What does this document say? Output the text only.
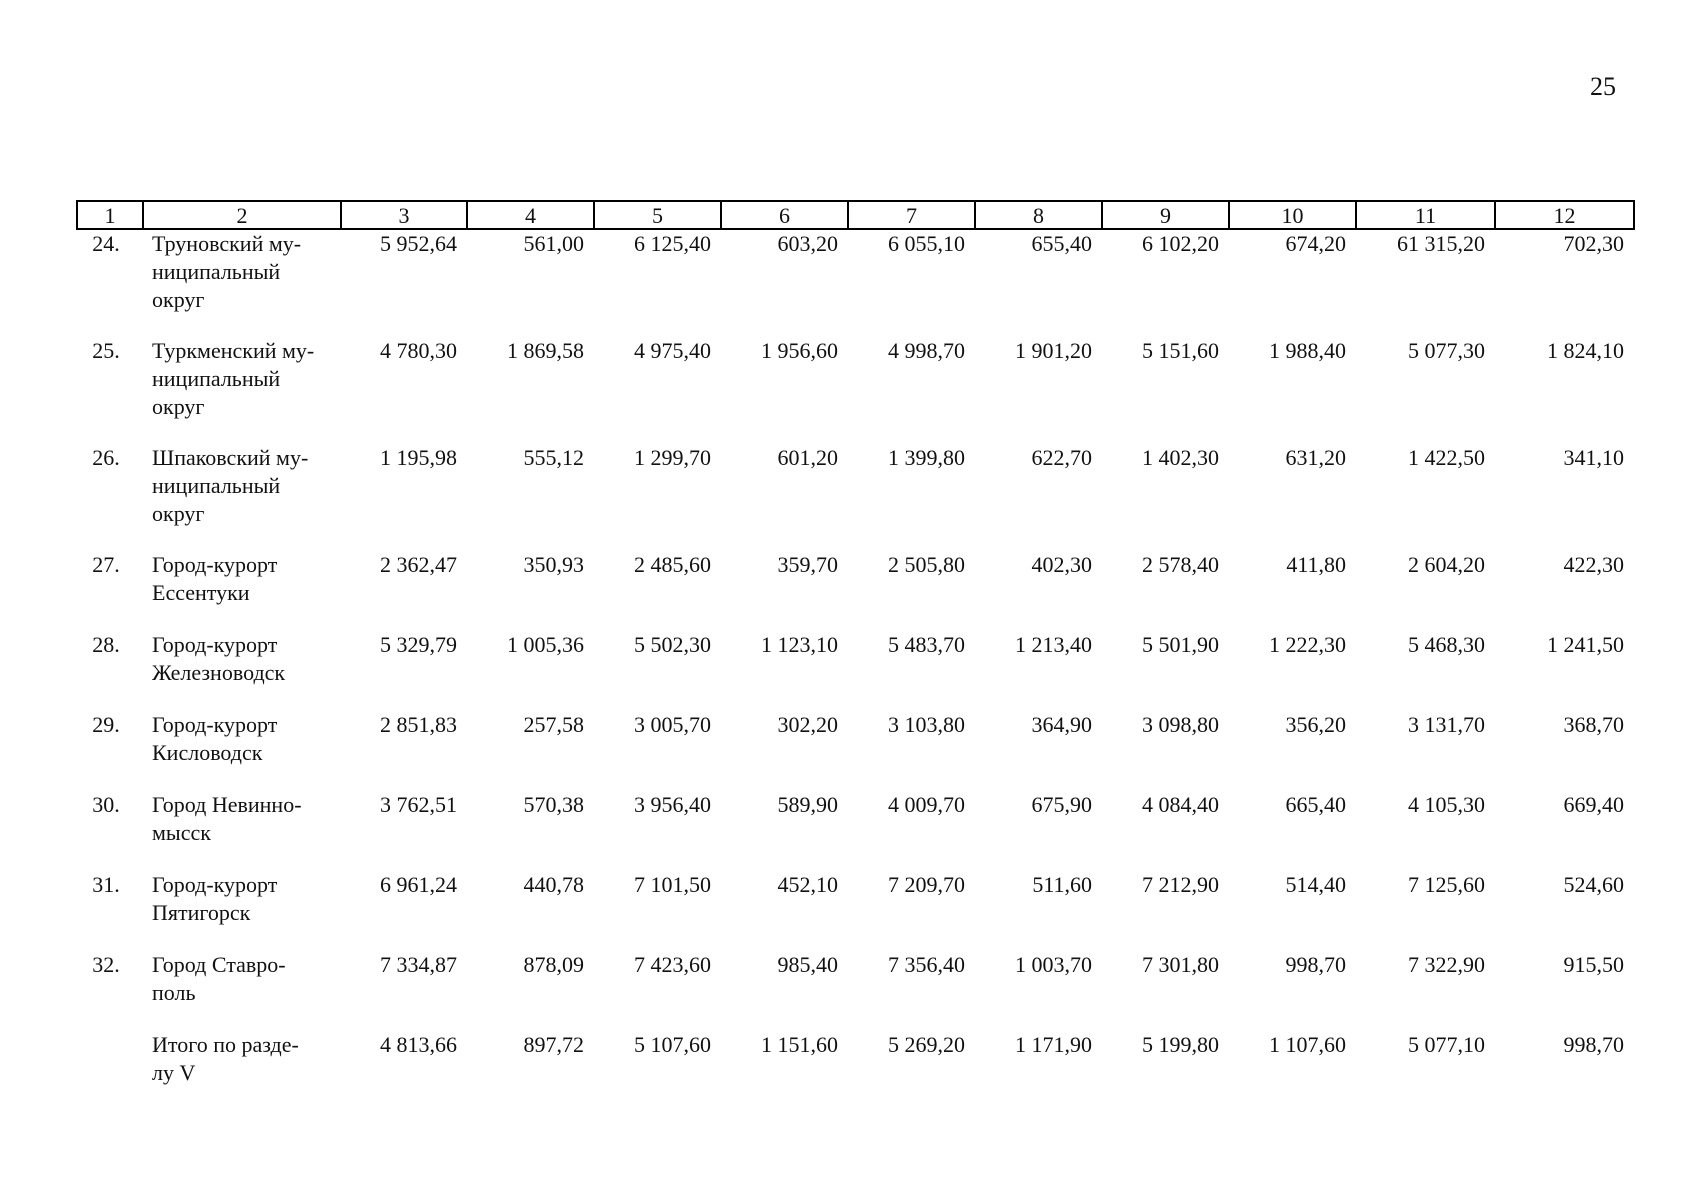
25
1	2	3	4	5	6	7	8	9	10	11	12
24.	Труновский му-
ниципальный
округ	5 952,64	561,00	6 125,40	603,20	6 055,10	655,40	6 102,20	674,20	61 315,20	702,30
25.	Туркменский му-
ниципальный
округ	4 780,30	1 869,58	4 975,40	1 956,60	4 998,70	1 901,20	5 151,60	1 988,40	5 077,30	1 824,10
26.	Шпаковский му-
ниципальный
округ	1 195,98	555,12	1 299,70	601,20	1 399,80	622,70	1 402,30	631,20	1 422,50	341,10
27.	Город-курорт
Ессентуки	2 362,47	350,93	2 485,60	359,70	2 505,80	402,30	2 578,40	411,80	2 604,20	422,30
28.	Город-курорт
Железноводск	5 329,79	1 005,36	5 502,30	1 123,10	5 483,70	1 213,40	5 501,90	1 222,30	5 468,30	1 241,50
29.	Город-курорт
Кисловодск	2 851,83	257,58	3 005,70	302,20	3 103,80	364,90	3 098,80	356,20	3 131,70	368,70
30.	Город Невинно-
мысск	3 762,51	570,38	3 956,40	589,90	4 009,70	675,90	4 084,40	665,40	4 105,30	669,40
31.	Город-курорт
Пятигорск	6 961,24	440,78	7 101,50	452,10	7 209,70	511,60	7 212,90	514,40	7 125,60	524,60
32.	Город Ставро-
поль	7 334,87	878,09	7 423,60	985,40	7 356,40	1 003,70	7 301,80	998,70	7 322,90	915,50
	Итого по разде-
лу V	4 813,66	897,72	5 107,60	1 151,60	5 269,20	1 171,90	5 199,80	1 107,60	5 077,10	998,70
